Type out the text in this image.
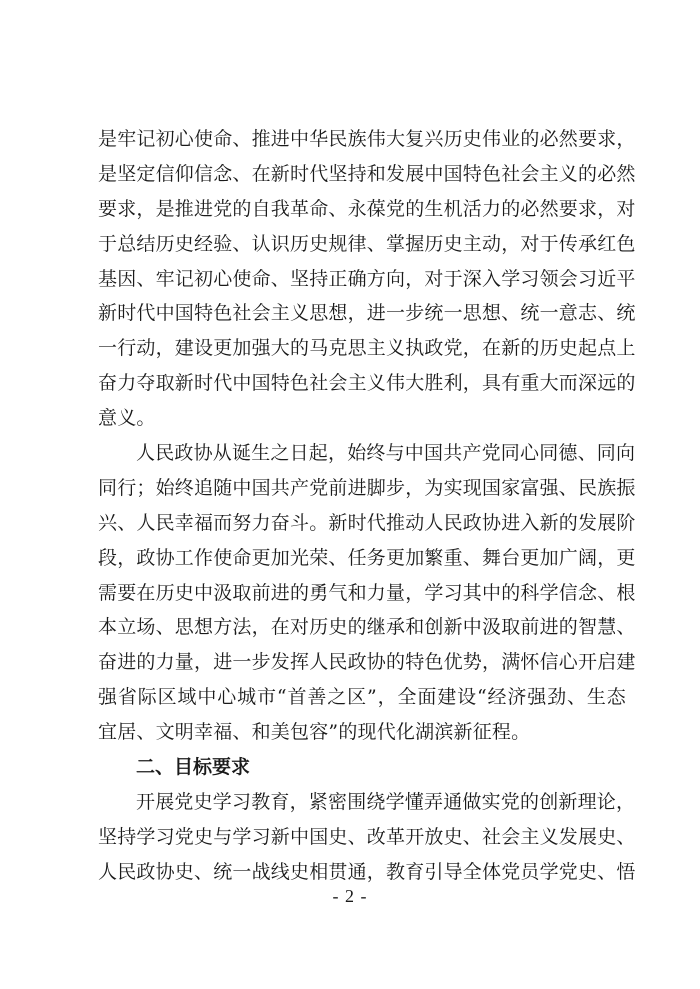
是牢记初心使命、推进中华民族伟大复兴历史伟业的必然要求，
是坚定信仰信念、在新时代坚持和发展中国特色社会主义的必然
要求，是推进党的自我革命、永葆党的生机活力的必然要求，对
于总结历史经验、认识历史规律、掌握历史主动，对于传承红色
基因、牢记初心使命、坚持正确方向，对于深入学习领会习近平
新时代中国特色社会主义思想，进一步统一思想、统一意志、统
一行动，建设更加强大的马克思主义执政党，在新的历史起点上
奋力夺取新时代中国特色社会主义伟大胜利，具有重大而深远的
意义。
人民政协从诞生之日起，始终与中国共产党同心同德、同向
同行；始终追随中国共产党前进脚步，为实现国家富强、民族振
兴、人民幸福而努力奋斗。新时代推动人民政协进入新的发展阶
段，政协工作使命更加光荣、任务更加繁重、舞台更加广阔，更
需要在历史中汲取前进的勇气和力量，学习其中的科学信念、根
本立场、思想方法，在对历史的继承和创新中汲取前进的智慧、
奋进的力量，进一步发挥人民政协的特色优势，满怀信心开启建
强省际区域中心城市“首善之区”，全面建设“经济强劲、生态
宜居、文明幸福、和美包容”的现代化湖滨新征程。
二、目标要求
开展党史学习教育，紧密围绕学懂弄通做实党的创新理论，
坚持学习党史与学习新中国史、改革开放史、社会主义发展史、
人民政协史、统一战线史相贯通，教育引导全体党员学党史、悟
- 2 -
